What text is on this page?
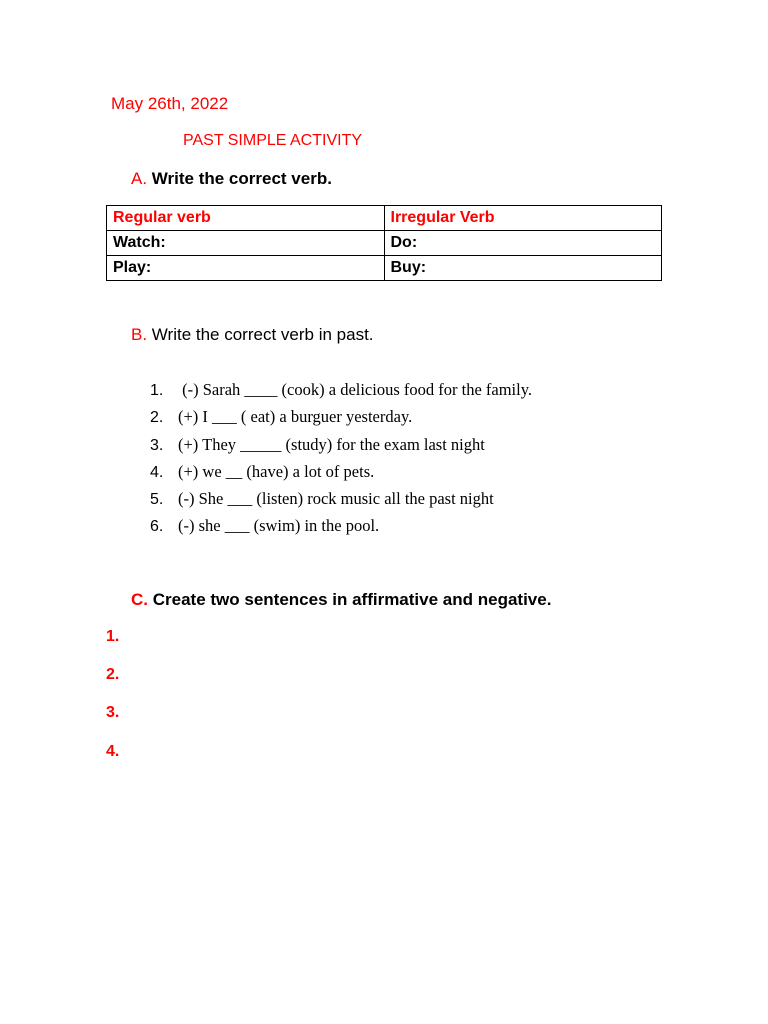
May 26th, 2022
PAST SIMPLE ACTIVITY
A. Write the correct verb.
Regular verb	Irregular Verb
Watch:	Do:
Play:	Buy:
B. Write the correct verb in past.
1. (-) Sarah ____ (cook) a delicious food for the family.
2. (+) I ___ ( eat) a burguer yesterday.
3. (+) They _____ (study) for the exam last night
4. (+) we __ (have) a lot of pets.
5. (-) She ___ (listen) rock music all the past night
6. (-) she ___ (swim) in the pool.
C. Create two sentences in affirmative and negative.
1.
2.
3.
4.
